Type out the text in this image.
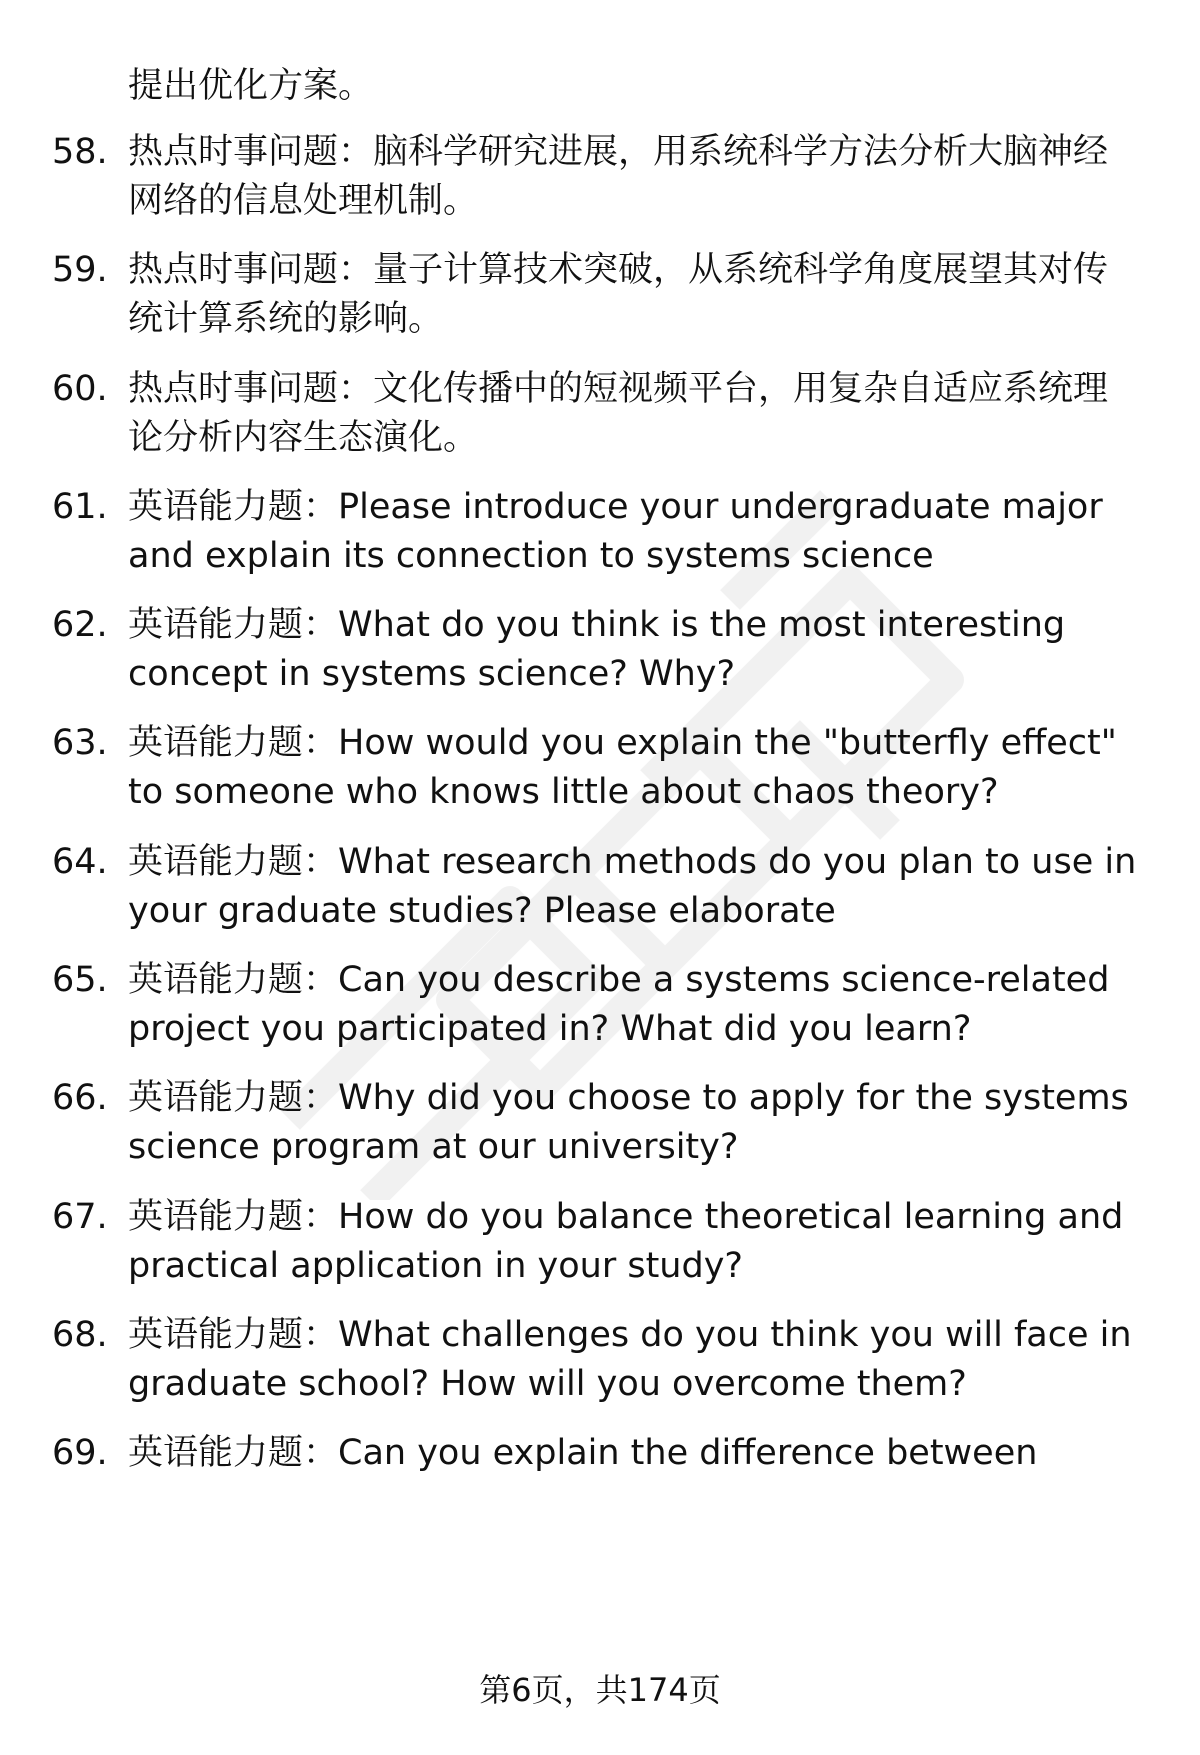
提出优化方案。
58. 热点时事问题：脑科学研究进展，用系统科学方法分析大脑神经
网络的信息处理机制。
59. 热点时事问题：量子计算技术突破，从系统科学角度展望其对传
统计算系统的影响。
60. 热点时事问题：文化传播中的短视频平台，用复杂自适应系统理
论分析内容生态演化。
61. 英语能力题：Please introduce your undergraduate major
and explain its connection to systems science
62. 英语能力题：What do you think is the most interesting
concept in systems science? Why?
63. 英语能力题：How would you explain the "butterfly effect"
to someone who knows little about chaos theory?
64. 英语能力题：What research methods do you plan to use in
your graduate studies? Please elaborate
65. 英语能力题：Can you describe a systems science-related
project you participated in? What did you learn?
66. 英语能力题：Why did you choose to apply for the systems
science program at our university?
67. 英语能力题：How do you balance theoretical learning and
practical application in your study?
68. 英语能力题：What challenges do you think you will face in
graduate school? How will you overcome them?
69. 英语能力题：Can you explain the difference between
第6页，共174页
